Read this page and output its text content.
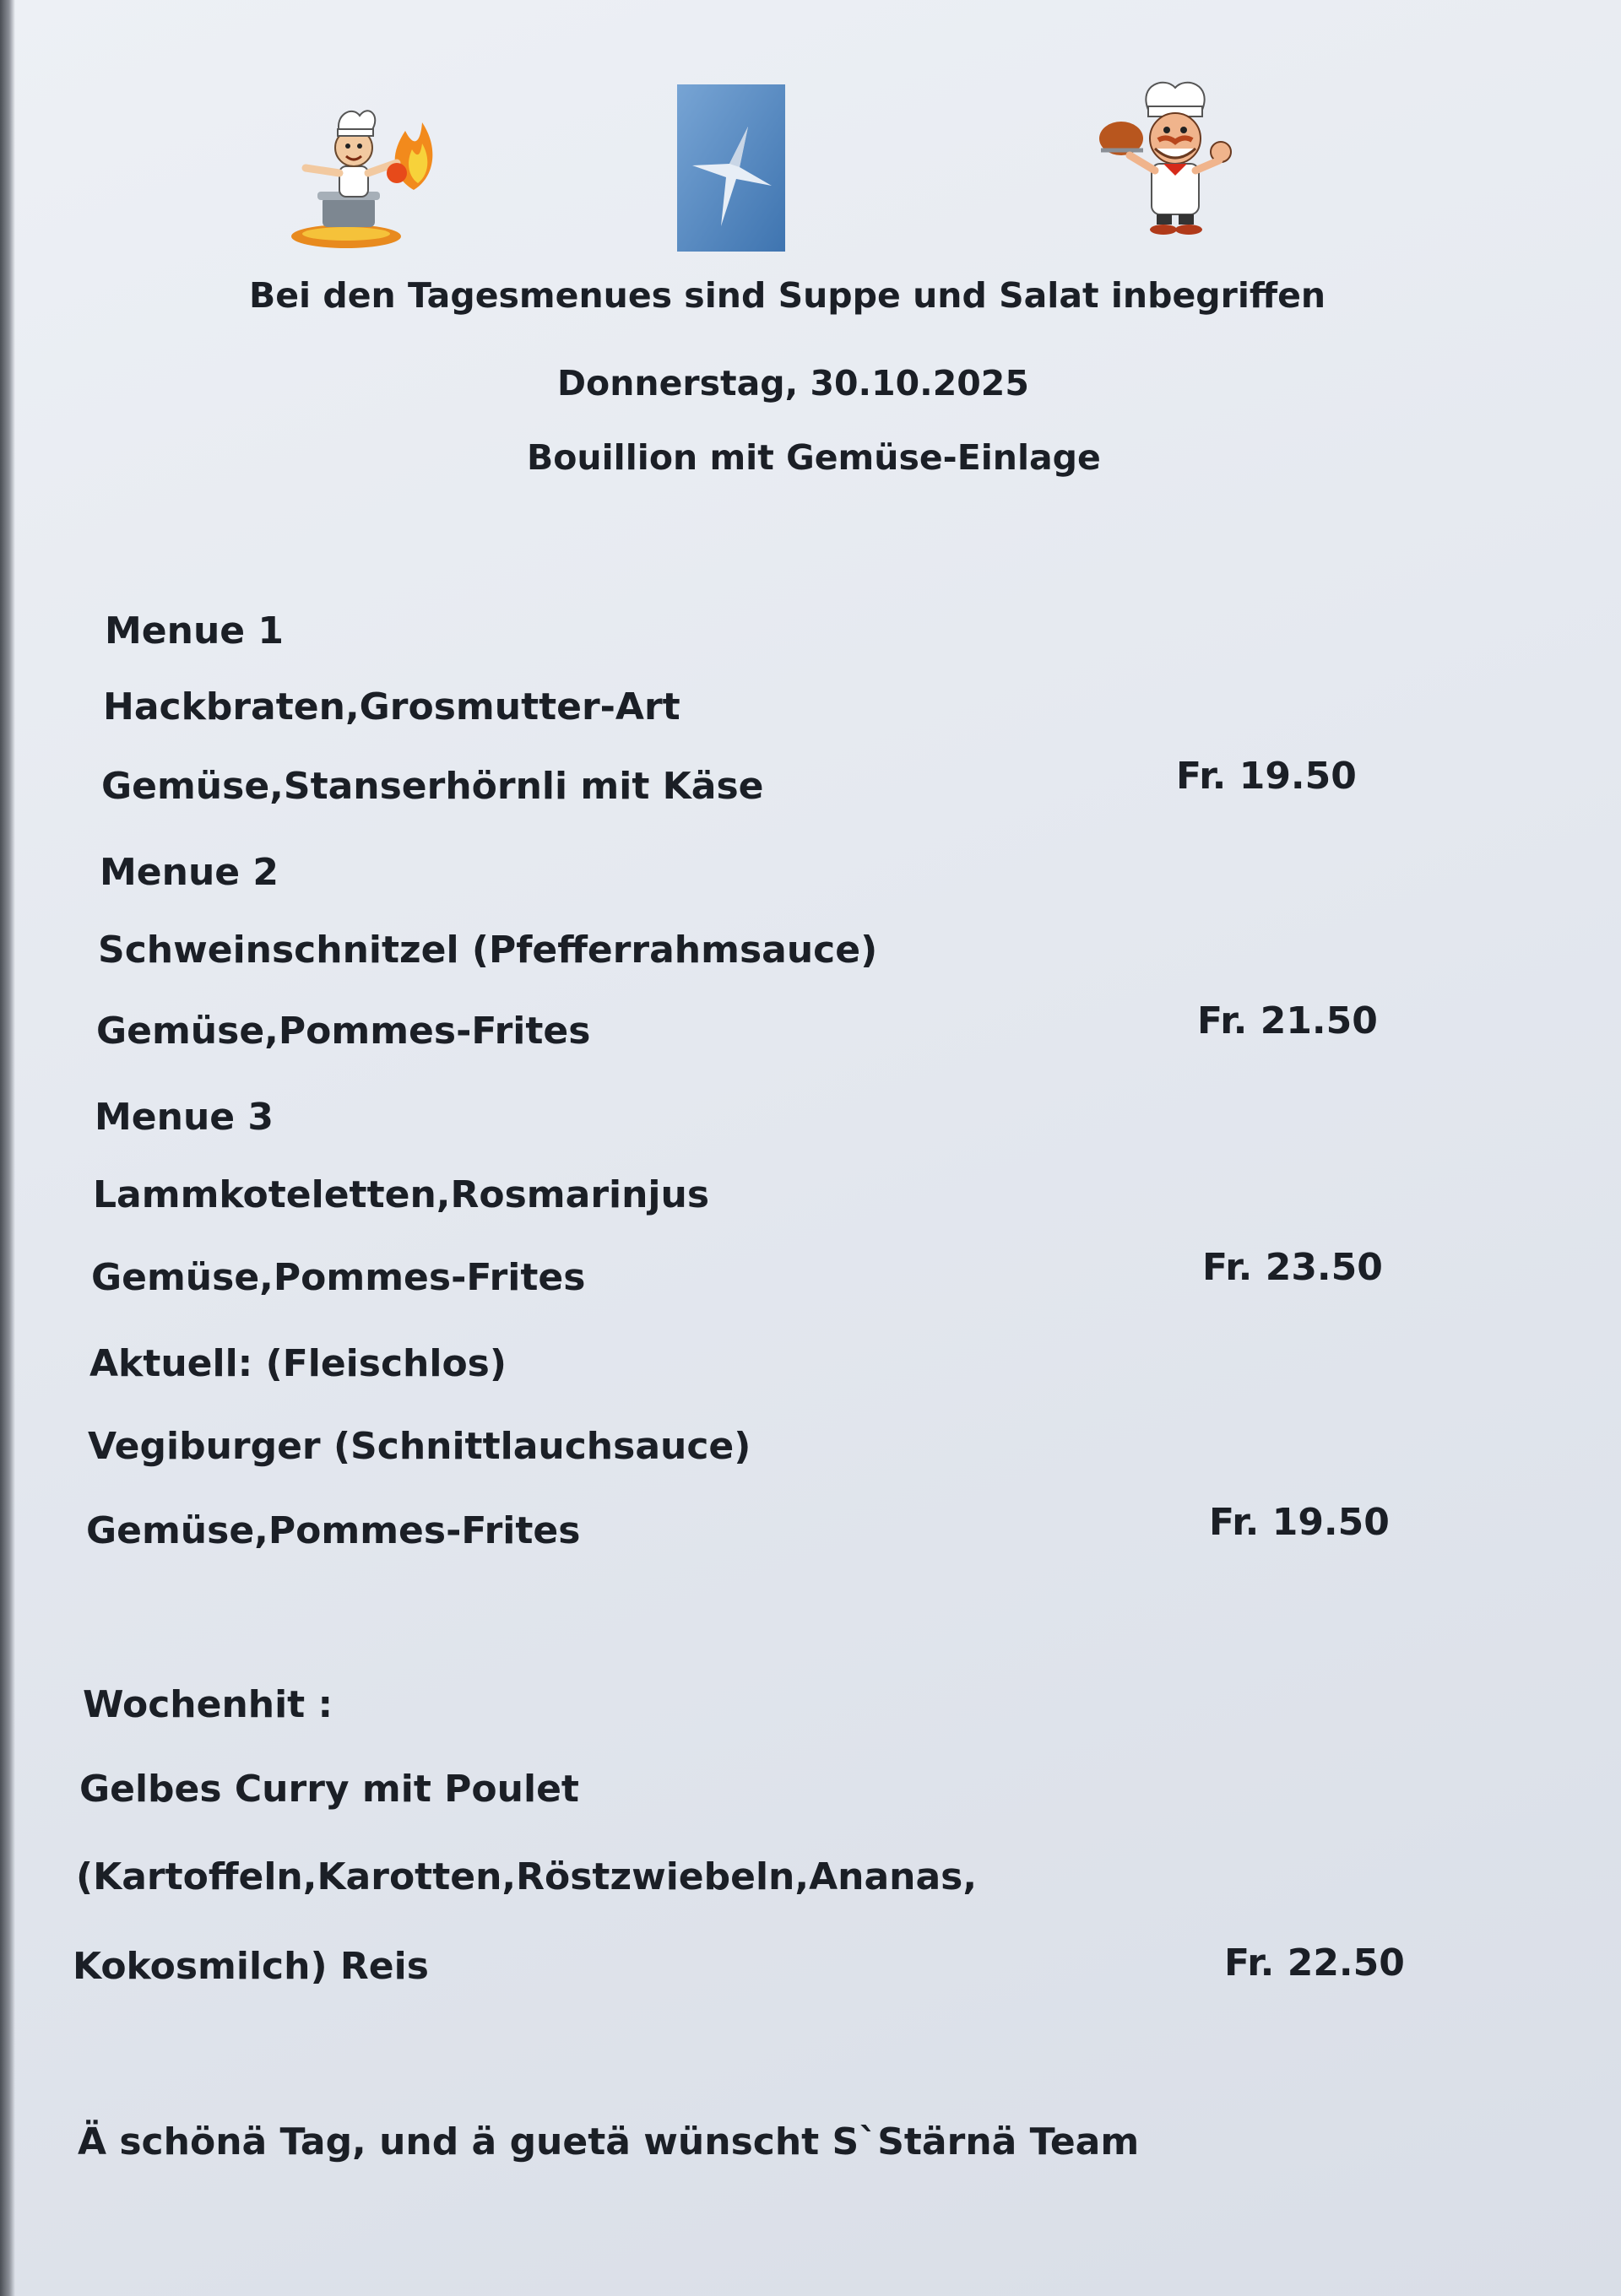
Bei den Tagesmenues sind Suppe und Salat inbegriffen
Donnerstag, 30.10.2025
Bouillion mit Gemüse-Einlage
Menue 1
Hackbraten,Grosmutter-Art
Gemüse,Stanserhörnli mit Käse	Fr. 19.50
Menue 2
Schweinschnitzel (Pfefferrahmsauce)
Gemüse,Pommes-Frites	Fr. 21.50
Menue 3
Lammkoteletten,Rosmarinjus
Gemüse,Pommes-Frites	Fr. 23.50
Aktuell: (Fleischlos)
Vegiburger (Schnittlauchsauce)
Gemüse,Pommes-Frites	Fr. 19.50
Wochenhit :
Gelbes Curry mit Poulet
(Kartoffeln,Karotten,Röstzwiebeln,Ananas,
Kokosmilch) Reis	Fr. 22.50
Ä schönä Tag, und ä guetä wünscht S`Stärnä Team
